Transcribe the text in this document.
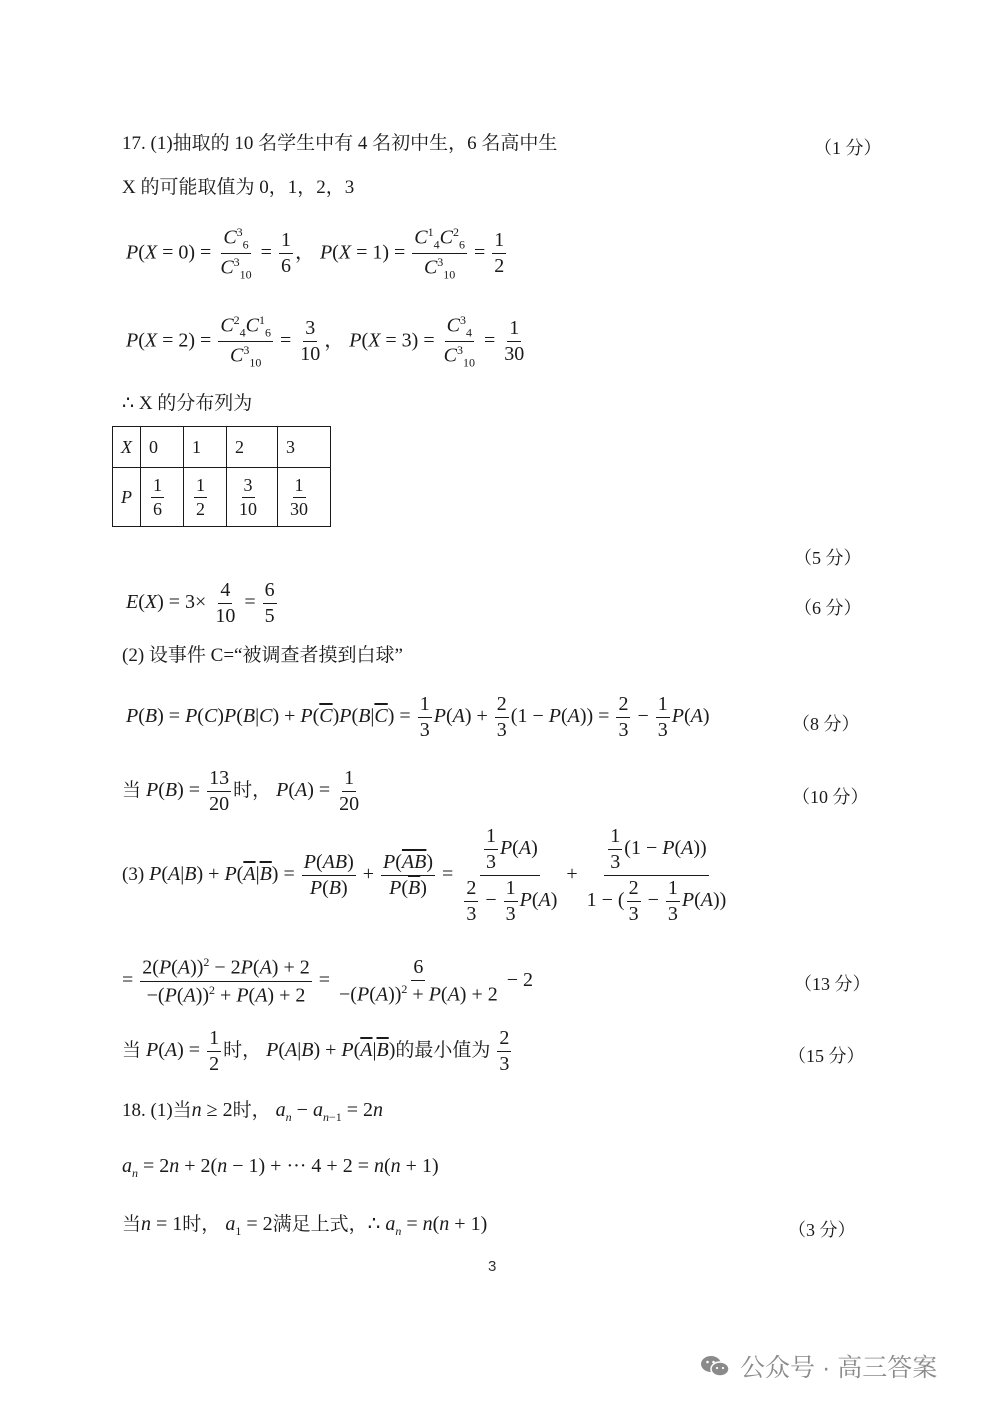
17. (1)抽取的 10 名学生中有 4 名初中生，6 名高中生	（1 分）
X 的可能取值为 0，1，2，3
$P(X = 0) = \frac{C^3_6}{C^3_{10}} = \frac{1}{6}$ ， $P(X = 1) = \frac{C^1_4C^2_6}{C^3_{10}} = \frac{1}{2}$
$P(X = 2) = \frac{C^2_4C^1_6}{C^3_{10}} = \frac{3}{10}$ ， $P(X = 3) = \frac{C^3_4}{C^3_{10}} = \frac{1}{30}$
∴ X 的分布列为
X	0	1	2	3
P	$\frac{1}{6}$	$\frac{1}{2}$	$\frac{3}{10}$	$\frac{1}{30}$
（5 分）
$E(X) = 3\times \frac{4}{10} = \frac{6}{5}$	（6 分）
(2) 设事件 C=“被调查者摸到白球”
$P(B) = P(C)P(B|C) + P(\overline{C})P(B|\overline{C}) = \frac{1}{3} P(A) + \frac{2}{3} (1 - P(A)) = \frac{2}{3} - \frac{1}{3} P(A)$	（8 分）
当 $P(B) = \frac{13}{20}$ 时， $P(A) = \frac{1}{20}$	（10 分）
(3) $P(A|B) + P(\overline{A}|\overline{B}) = \frac{P(AB)}{P(B)} + \frac{P(\overline{AB})}{P(\overline{B})} = \frac{\frac{1}{3} P(A)}{\frac{2}{3} - \frac{1}{3} P(A)} + \frac{\frac{1}{3} (1 - P(A))}{1 - ( \frac{2}{3} - \frac{1}{3} P(A))}$
= $\frac{2(P(A))^2 - 2P(A) + 2}{-(P(A))^2 + P(A) + 2} = \frac{6}{-(P(A))^2 + P(A) + 2} - 2$	（13 分）
当 $P(A) = \frac{1}{2}$ 时， $P(A|B) + P(\overline{A}|\overline{B})$的最小值为 $\frac{2}{3}$	（15 分）
18. (1)当n ≥ 2时， $a_n - a_{n-1} = 2n$
$a_n = 2n + 2(n - 1)$ + ··· 4 + 2 = n(n + 1)
当n = 1时， $a_1 = 2$满足上式，∴ $a_n = n(n + 1)$	（3 分）
3
公众号 · 高三答案
